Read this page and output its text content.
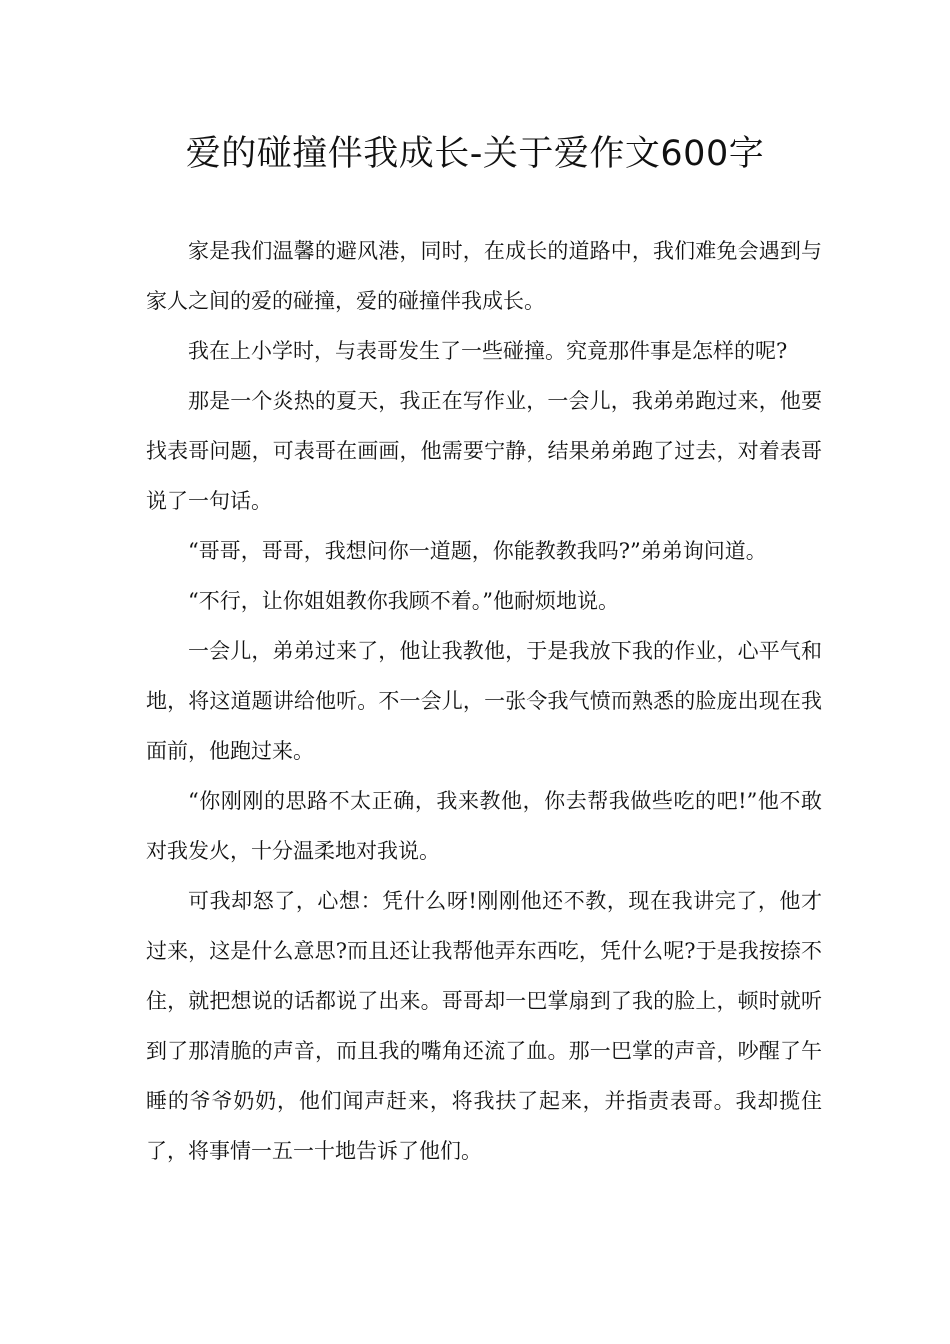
爱的碰撞伴我成长-关于爱作文600字

家是我们温馨的避风港，同时，在成长的道路中，我们难免会遇到与家人之间的爱的碰撞，爱的碰撞伴我成长。

我在上小学时，与表哥发生了一些碰撞。究竟那件事是怎样的呢?

那是一个炎热的夏天，我正在写作业，一会儿，我弟弟跑过来，他要找表哥问题，可表哥在画画，他需要宁静，结果弟弟跑了过去，对着表哥说了一句话。

“哥哥，哥哥，我想问你一道题，你能教教我吗?”弟弟询问道。

“不行，让你姐姐教你我顾不着。”他耐烦地说。

一会儿，弟弟过来了，他让我教他，于是我放下我的作业，心平气和地，将这道题讲给他听。不一会儿，一张令我气愤而熟悉的脸庞出现在我面前，他跑过来。

“你刚刚的思路不太正确，我来教他，你去帮我做些吃的吧!”他不敢对我发火，十分温柔地对我说。

可我却怒了，心想：凭什么呀!刚刚他还不教，现在我讲完了，他才过来，这是什么意思?而且还让我帮他弄东西吃，凭什么呢?于是我按捺不住，就把想说的话都说了出来。哥哥却一巴掌扇到了我的脸上，顿时就听到了那清脆的声音，而且我的嘴角还流了血。那一巴掌的声音，吵醒了午睡的爷爷奶奶，他们闻声赶来，将我扶了起来，并指责表哥。我却揽住了，将事情一五一十地告诉了他们。
